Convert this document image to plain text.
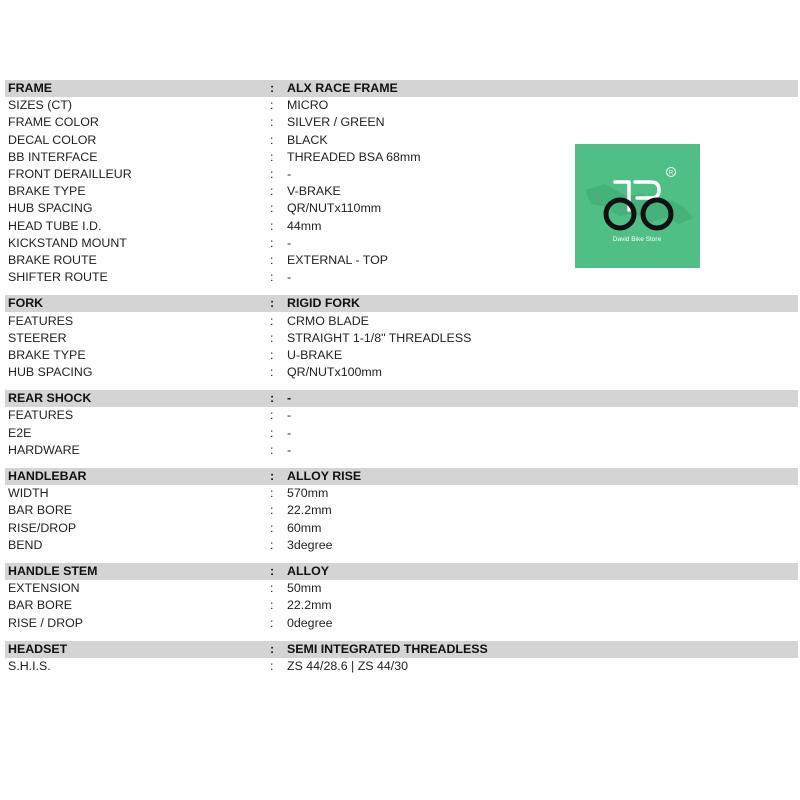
FRAME	:	ALX RACE FRAME
SIZES (CT)	:	MICRO
FRAME COLOR	:	SILVER / GREEN
DECAL COLOR	:	BLACK
BB INTERFACE	:	THREADED BSA 68mm
FRONT DERAILLEUR	:	-
BRAKE TYPE	:	V-BRAKE
HUB SPACING	:	QR/NUTx110mm
HEAD TUBE I.D.	:	44mm
KICKSTAND MOUNT	:	-
BRAKE ROUTE	:	EXTERNAL - TOP
SHIFTER ROUTE	:	-
FORK	:	RIGID FORK
FEATURES	:	CRMO BLADE
STEERER	:	STRAIGHT 1-1/8" THREADLESS
BRAKE TYPE	:	U-BRAKE
HUB SPACING	:	QR/NUTx100mm
REAR SHOCK	:	-
FEATURES	:	-
E2E	:	-
HARDWARE	:	-
HANDLEBAR	:	ALLOY RISE
WIDTH	:	570mm
BAR BORE	:	22.2mm
RISE/DROP	:	60mm
BEND	:	3degree
HANDLE STEM	:	ALLOY
EXTENSION	:	50mm
BAR BORE	:	22.2mm
RISE / DROP	:	0degree
HEADSET	:	SEMI INTEGRATED THREADLESS
S.H.I.S.	:	ZS 44/28.6 | ZS 44/30
R
David Bike Store
